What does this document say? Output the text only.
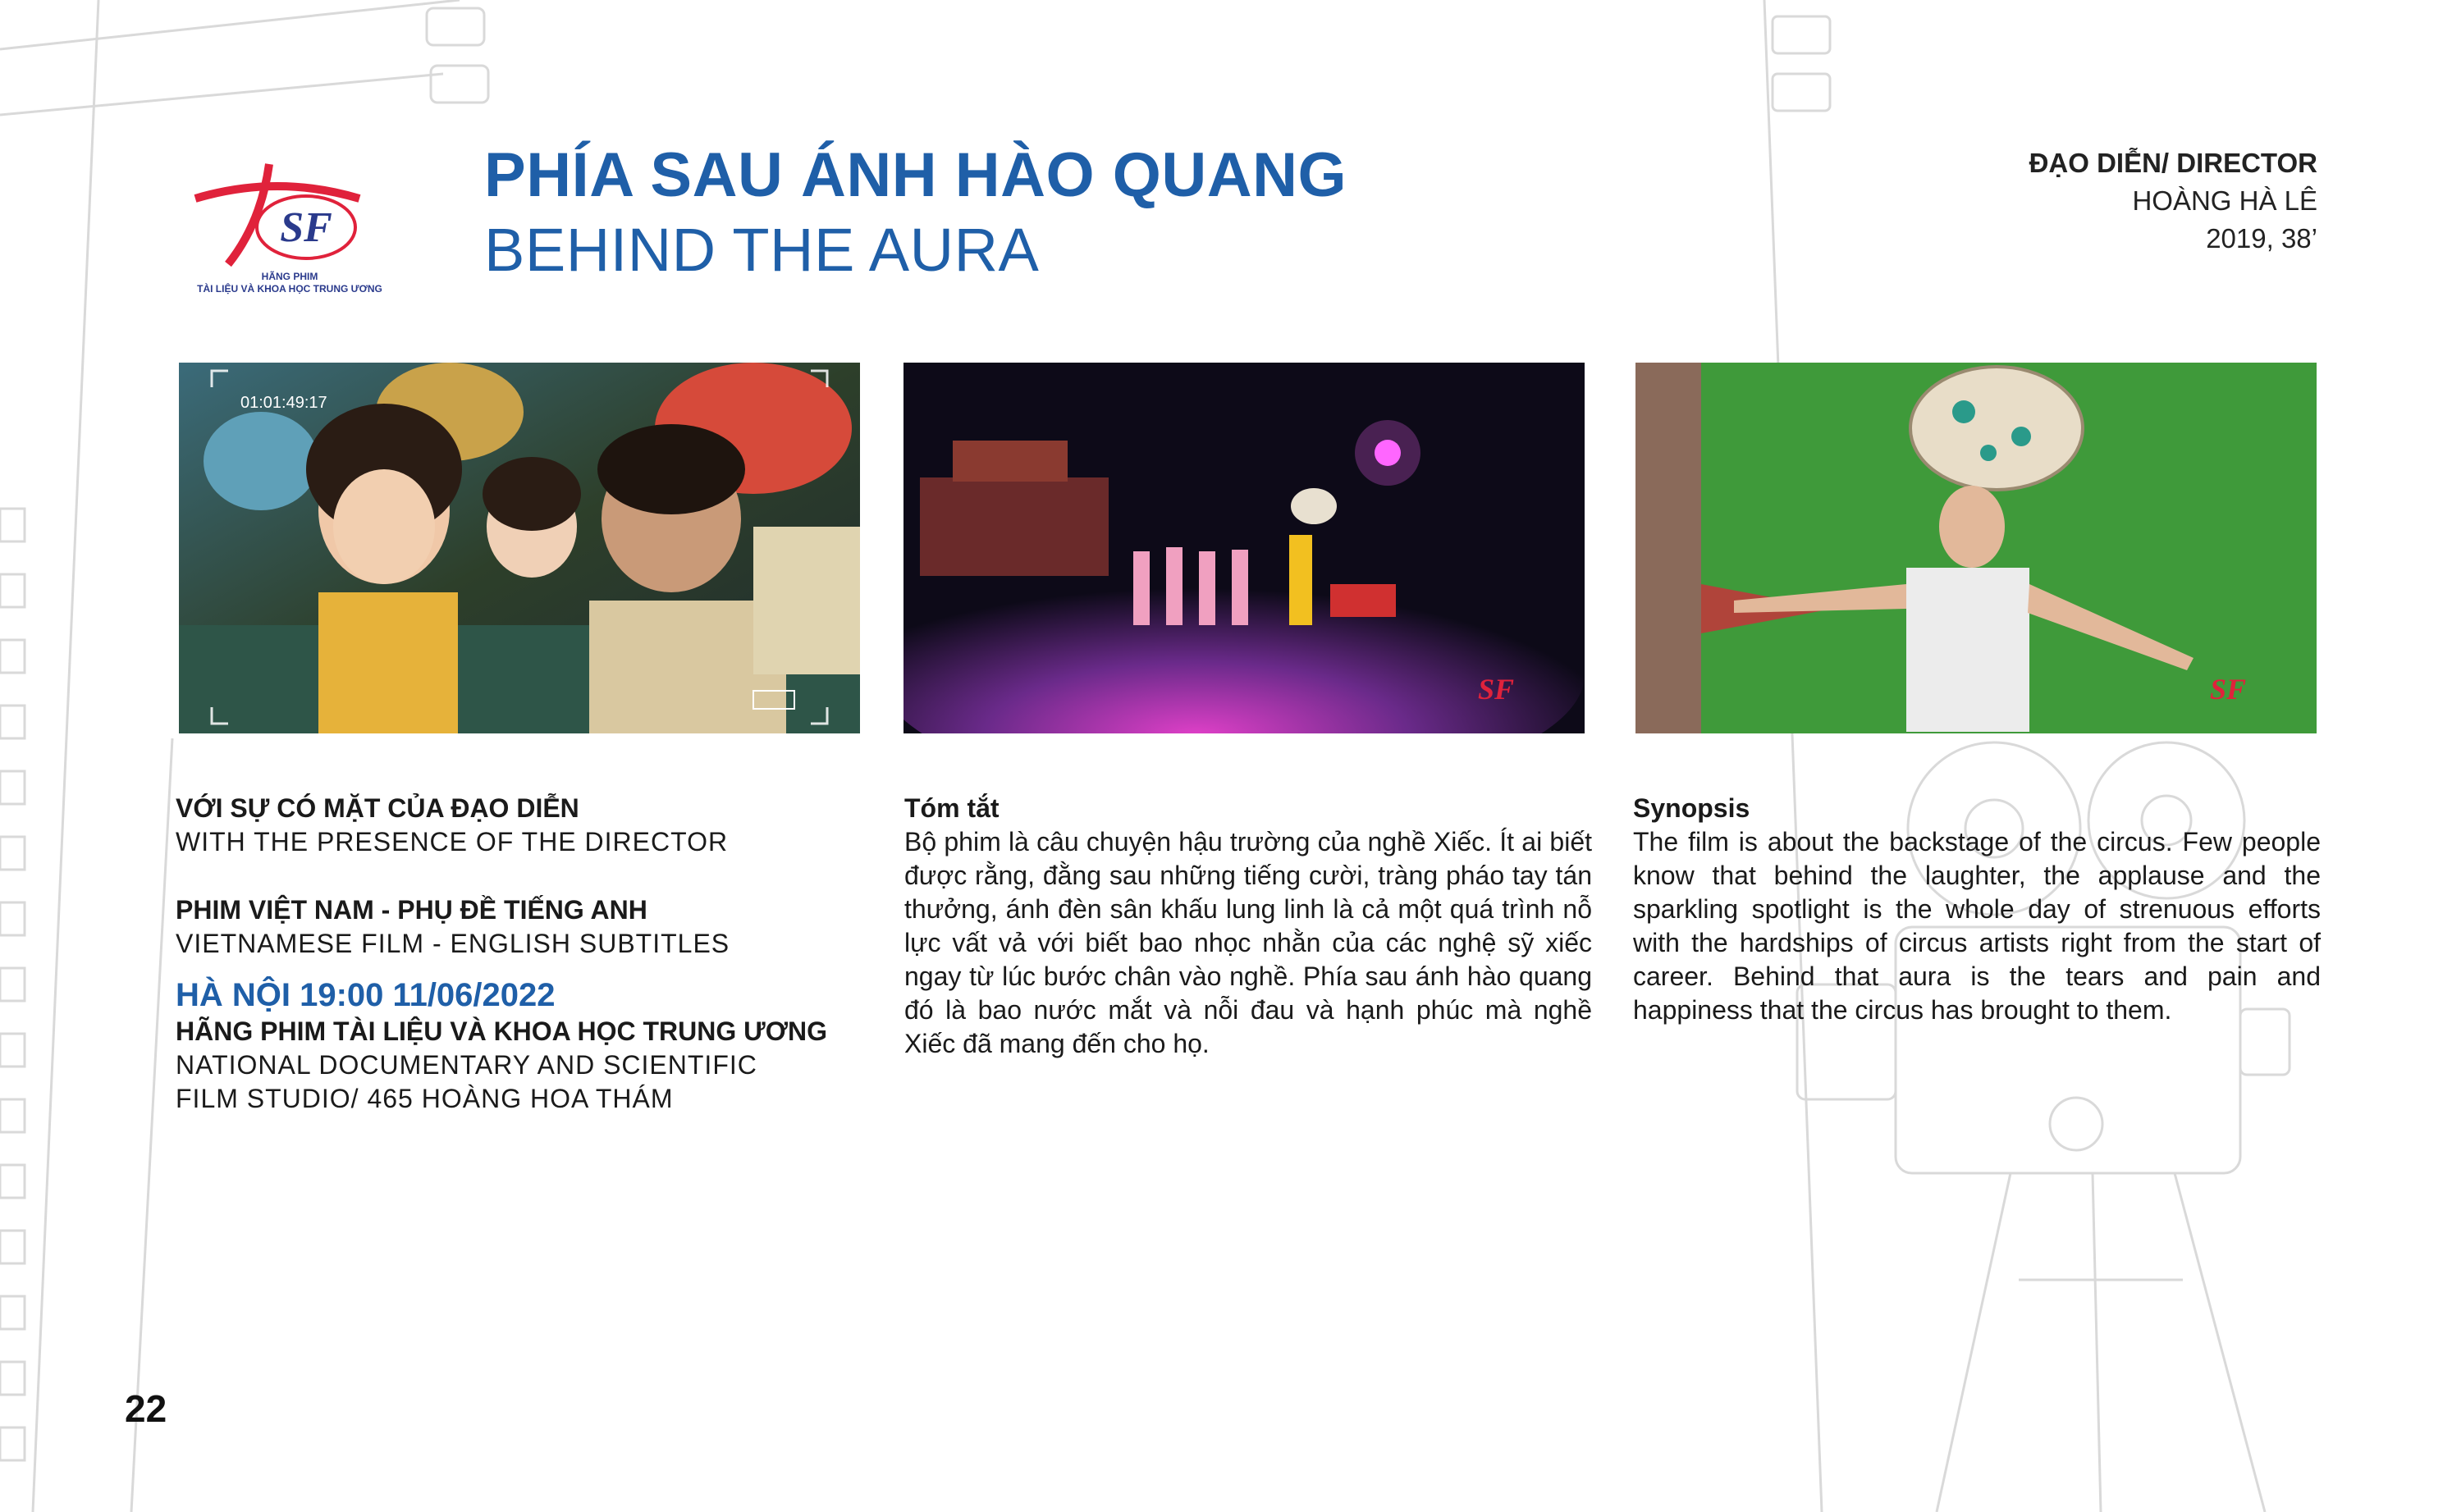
SF
HÃNG PHIM
TÀI LIỆU VÀ KHOA HỌC TRUNG ƯƠNG
PHÍA SAU ÁNH HÀO QUANG
BEHIND THE AURA
ĐẠO DIỄN/ DIRECTOR
HOÀNG HÀ LÊ
2019, 38’
01:01:49:17
SF	SF
VỚI SỰ CÓ MẶT CỦA ĐẠO DIỄN
WITH THE PRESENCE OF THE DIRECTOR
PHIM VIỆT NAM - PHỤ ĐỀ TIẾNG ANH
VIETNAMESE FILM - ENGLISH SUBTITLES
HÀ NỘI 19:00 11/06/2022
HÃNG PHIM TÀI LIỆU VÀ KHOA HỌC TRUNG ƯƠNG
NATIONAL DOCUMENTARY AND SCIENTIFIC
FILM STUDIO/ 465 HOÀNG HOA THÁM
Tóm tắt
Bộ phim là câu chuyện hậu trường của nghề Xiếc. Ít ai biết được rằng, đằng sau những tiếng cười, tràng pháo tay tán thưởng, ánh đèn sân khấu lung linh là cả một quá trình nỗ lực vất vả với biết bao nhọc nhằn của các nghệ sỹ xiếc ngay từ lúc bước chân vào nghề. Phía sau ánh hào quang đó là bao nước mắt và nỗi đau và hạnh phúc mà nghề Xiếc đã mang đến cho họ.
Synopsis
The film is about the backstage of the circus. Few people know that behind the laughter, the applause and the sparkling spotlight is the whole day of strenuous efforts with the hardships of circus artists right from the start of career. Behind that aura is the tears and pain and happiness that the circus has brought to them.
22
